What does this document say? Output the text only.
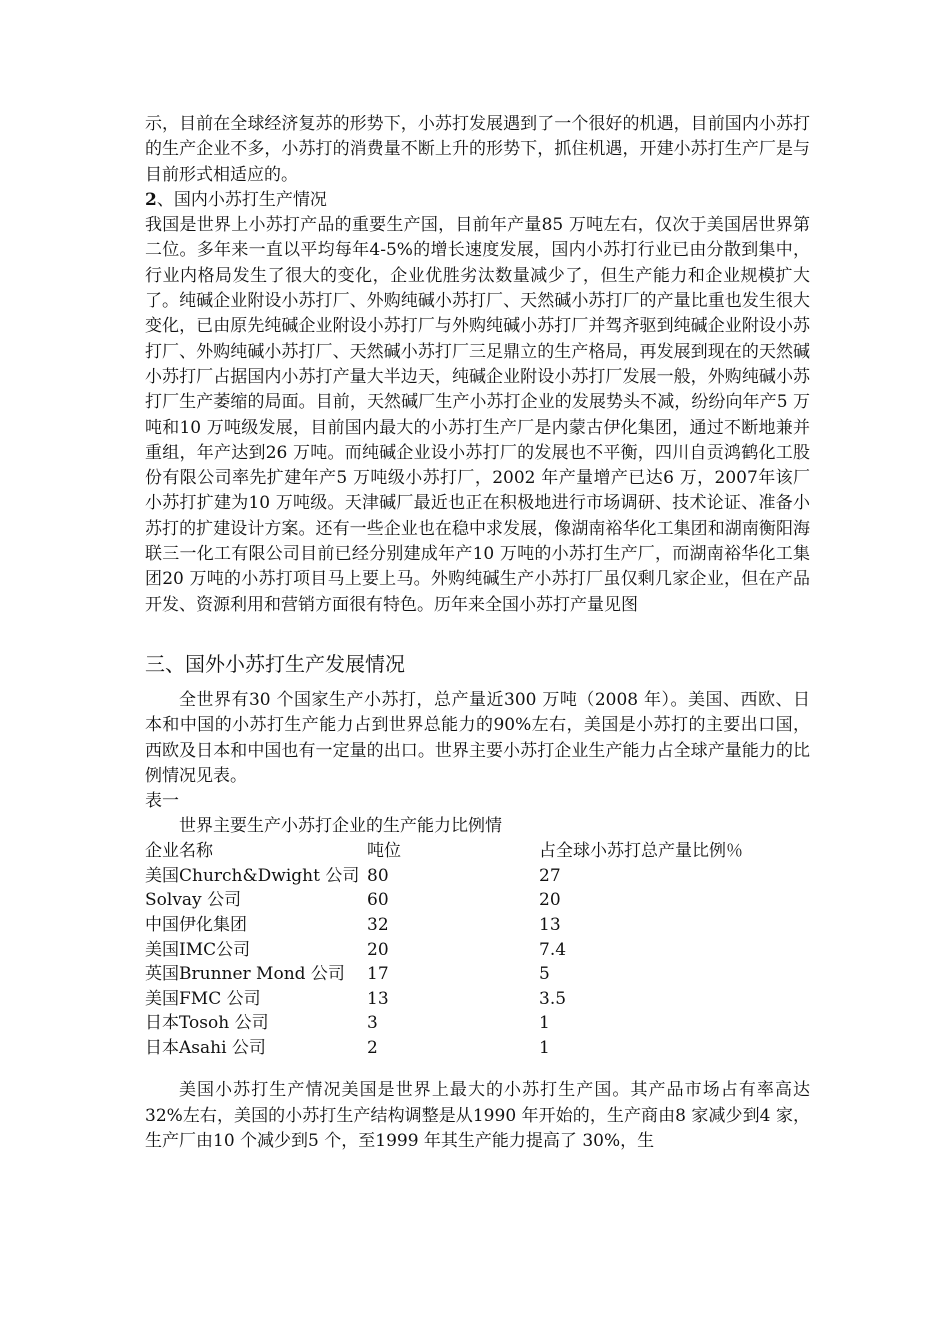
示，目前在全球经济复苏的形势下，小苏打发展遇到了一个很好的机遇，目前国内小苏打的生产企业不多，小苏打的消费量不断上升的形势下，抓住机遇，开建小苏打生产厂是与目前形式相适应的。

2、国内小苏打生产情况

我国是世界上小苏打产品的重要生产国，目前年产量85 万吨左右，仅次于美国居世界第二位。多年来一直以平均每年4-5%的增长速度发展，国内小苏打行业已由分散到集中，行业内格局发生了很大的变化，企业优胜劣汰数量减少了，但生产能力和企业规模扩大了。纯碱企业附设小苏打厂、外购纯碱小苏打厂、天然碱小苏打厂的产量比重也发生很大变化，已由原先纯碱企业附设小苏打厂与外购纯碱小苏打厂并驾齐驱到纯碱企业附设小苏打厂、外购纯碱小苏打厂、天然碱小苏打厂三足鼎立的生产格局，再发展到现在的天然碱小苏打厂占据国内小苏打产量大半边天，纯碱企业附设小苏打厂发展一般，外购纯碱小苏打厂生产萎缩的局面。目前，天然碱厂生产小苏打企业的发展势头不减，纷纷向年产5 万吨和10 万吨级发展，目前国内最大的小苏打生产厂是内蒙古伊化集团，通过不断地兼并重组，年产达到26 万吨。而纯碱企业设小苏打厂的发展也不平衡，四川自贡鸿鹤化工股份有限公司率先扩建年产5 万吨级小苏打厂，2002 年产量增产已达6 万，2007年该厂小苏打扩建为10 万吨级。天津碱厂最近也正在积极地进行市场调研、技术论证、准备小苏打的扩建设计方案。还有一些企业也在稳中求发展，像湖南裕华化工集团和湖南衡阳海联三一化工有限公司目前已经分别建成年产10 万吨的小苏打生产厂，而湖南裕华化工集团20 万吨的小苏打项目马上要上马。外购纯碱生产小苏打厂虽仅剩几家企业，但在产品开发、资源利用和营销方面很有特色。历年来全国小苏打产量见图

三、国外小苏打生产发展情况

全世界有30 个国家生产小苏打，总产量近300 万吨（2008 年）。美国、西欧、日本和中国的小苏打生产能力占到世界总能力的90%左右，美国是小苏打的主要出口国，西欧及日本和中国也有一定量的出口。世界主要小苏打企业生产能力占全球产量能力的比例情况见表。

表一

世界主要生产小苏打企业的生产能力比例情

企业名称	吨位	占全球小苏打总产量比例％
美国Church&Dwight 公司	80	27
Solvay 公司	60	20
中国伊化集团	32	13
美国IMC公司	20	7.4
英国Brunner Mond 公司	17	5
美国FMC 公司	13	3.5
日本Tosoh 公司	3	1
日本Asahi 公司	2	1

美国小苏打生产情况美国是世界上最大的小苏打生产国。其产品市场占有率高达32%左右，美国的小苏打生产结构调整是从1990 年开始的，生产商由8 家减少到4 家，生产厂由10 个减少到5 个，至1999 年其生产能力提高了 30%，生
